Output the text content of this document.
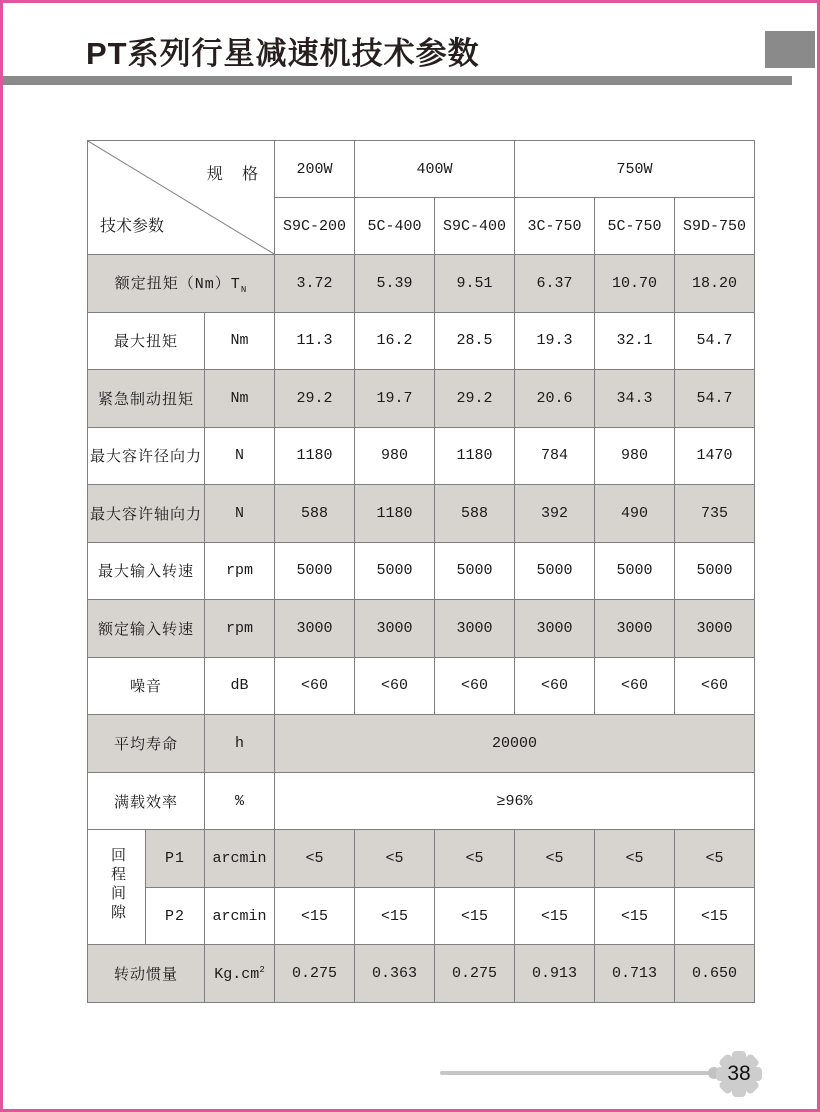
PT系列行星减速机技术参数
规  格
技术参数			200W	400W		750W		
			S9C-200	5C-400	S9C-400	3C-750	5C-750	S9D-750
额定扭矩$(Nm)T_N$			3.72	5.39	9.51	6.37	10.70	18.20
最大扭矩		Nm	11.3	16.2	28.5	19.3	32.1	54.7
紧急制动扭矩		Nm	29.2	19.7	29.2	20.6	34.3	54.7
最大容许径向力		N	1180	980	1180	784	980	1470
最大容许轴向力		N	588	1180	588	392	490	735
最大输入转速		rpm	5000	5000	5000	5000	5000	5000
额定输入转速		rpm	3000	3000	3000	3000	3000	3000
噪音		dB	<60	<60	<60	<60	<60	<60
平均寿命		h	20000					
满载效率		%	≥96%					
回程间隙	P1	arcmin	<5	<5	<5	<5	<5	<5
	P2	arcmin	<15	<15	<15	<15	<15	<15
转动惯量		$Kg.cm^2$	0.275	0.363	0.275	0.913	0.713	0.650
38
